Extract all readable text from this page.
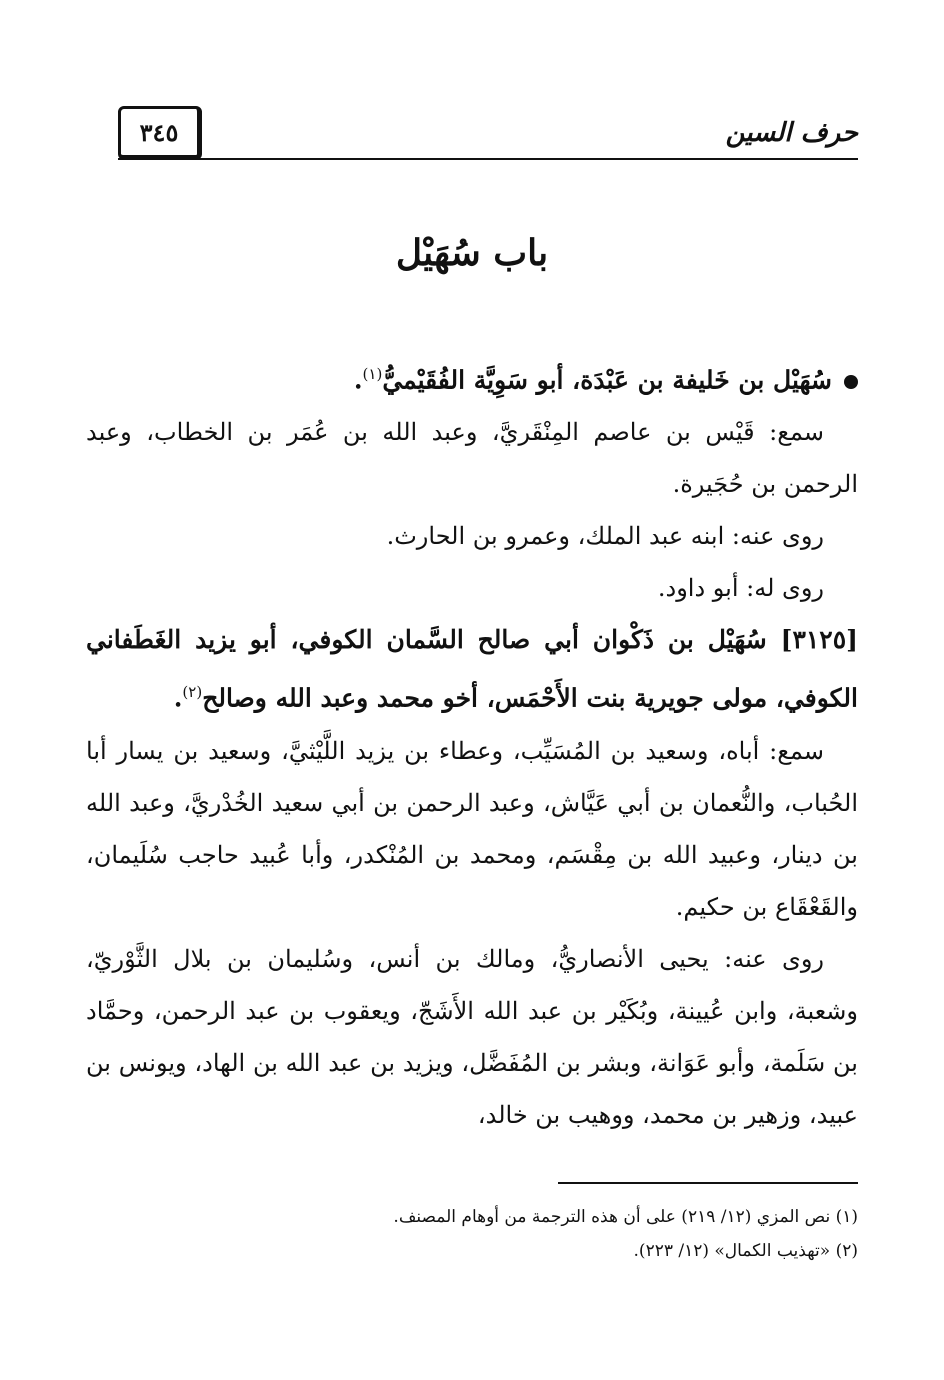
حرف السين
٣٤٥
باب سُهَيْل

سُهَيْل بن خَليفة بن عَبْدَة، أبو سَوِيَّة الفُقَيْميُّ$^{(١)}$.

سمع: قَيْس بن عاصم المِنْقَريَّ، وعبد الله بن عُمَر بن الخطاب، وعبد الرحمن بن حُجَيرة.

روى عنه: ابنه عبد الملك، وعمرو بن الحارث.

روى له: أبو داود.

[٣١٢٥] سُهَيْل بن ذَكْوان أبي صالح السَّمان الكوفي، أبو يزيد الغَطَفاني الكوفي، مولى جويرية بنت الأَحْمَس، أخو محمد وعبد الله وصالح$^{(٢)}$.

سمع: أباه، وسعيد بن المُسَيِّب، وعطاء بن يزيد اللَّيْثيَّ، وسعيد بن يسار أبا الحُباب، والنُّعمان بن أبي عَيَّاش، وعبد الرحمن بن أبي سعيد الخُدْريَّ، وعبد الله بن دينار، وعبيد الله بن مِقْسَم، ومحمد بن المُنْكدر، وأبا عُبيد حاجب سُلَيمان، والقَعْقَاع بن حكيم.

روى عنه: يحيى الأنصاريُّ، ومالك بن أنس، وسُليمان بن بلال الثَّوْريّ، وشعبة، وابن عُيينة، وبُكَيْر بن عبد الله الأَشَجّ، ويعقوب بن عبد الرحمن، وحمَّاد بن سَلَمة، وأبو عَوَانة، وبشر بن المُفَضَّل، ويزيد بن عبد الله بن الهاد، ويونس بن عبيد، وزهير بن محمد، ووهيب بن خالد،

(١) نص المزي (١٢/ ٢١٩) على أن هذه الترجمة من أوهام المصنف.

(٢) «تهذيب الكمال» (١٢/ ٢٢٣).
